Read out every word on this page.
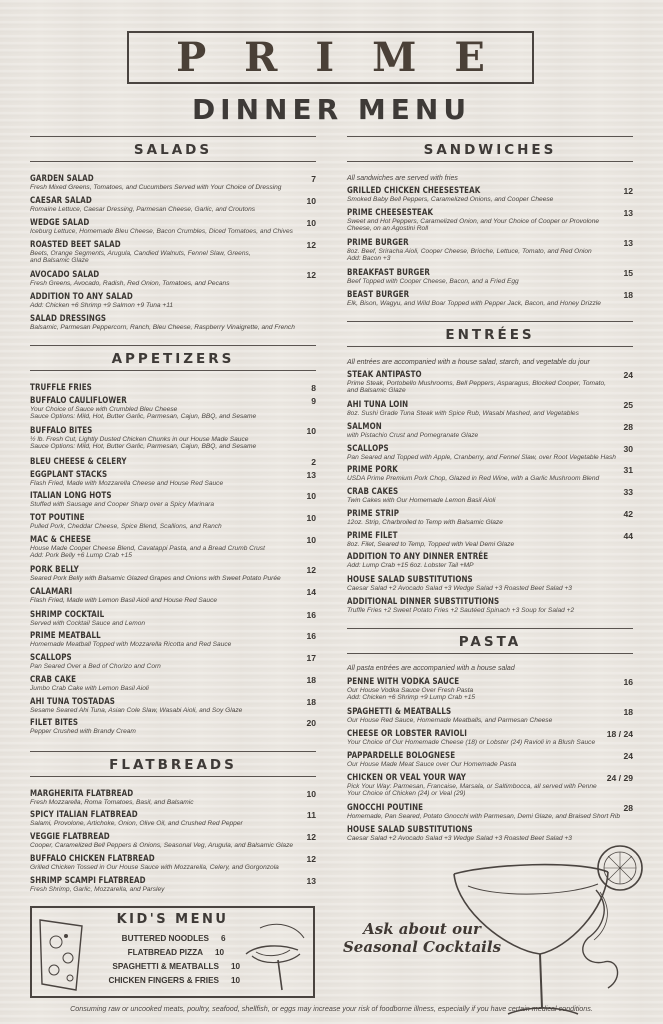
PRIME
DINNER MENU
SALADS
GARDEN SALAD	7
Fresh Mixed Greens, Tomatoes, and Cucumbers Served with Your Choice of Dressing
CAESAR SALAD	10
Romaine Lettuce, Caesar Dressing, Parmesan Cheese, Garlic, and Croutons
WEDGE SALAD	10
Iceburg Lettuce, Homemade Bleu Cheese, Bacon Crumbles, Diced Tomatoes, and Chives
ROASTED BEET SALAD	12
Beets, Orange Segments, Arugula, Candied Walnuts, Fennel Slaw, Greens,
and Balsamic Glaze
AVOCADO SALAD	12
Fresh Greens, Avocado, Radish, Red Onion, Tomatoes, and Pecans
ADDITION TO ANY SALAD
Add: Chicken +6 Shrimp +9 Salmon +9 Tuna +11
SALAD DRESSINGS
Balsamic, Parmesan Peppercorn, Ranch, Bleu Cheese, Raspberry Vinaigrette, and French
APPETIZERS
TRUFFLE FRIES	8
BUFFALO CAULIFLOWER	9
Your Choice of Sauce with Crumbled Bleu Cheese
Sauce Options: Mild, Hot, Butter Garlic, Parmesan, Cajun, BBQ, and Sesame
BUFFALO BITES	10
½ lb. Fresh Cut, Lightly Dusted Chicken Chunks in our House Made Sauce
Sauce Options: Mild, Hot, Butter Garlic, Parmesan, Cajun, BBQ, and Sesame
BLEU CHEESE & CELERY	2
EGGPLANT STACKS	13
Flash Fried, Made with Mozzarella Cheese and House Red Sauce
ITALIAN LONG HOTS	10
Stuffed with Sausage and Cooper Sharp over a Spicy Marinara
TOT POUTINE	10
Pulled Pork, Cheddar Cheese, Spice Blend, Scallions, and Ranch
MAC & CHEESE	10
House Made Cooper Cheese Blend, Cavatappi Pasta, and a Bread Crumb Crust
Add: Pork Belly +6 Lump Crab +15
PORK BELLY	12
Seared Pork Belly with Balsamic Glazed Grapes and Onions with Sweet Potato Purée
CALAMARI	14
Flash Fried, Made with Lemon Basil Aioli and House Red Sauce
SHRIMP COCKTAIL	16
Served with Cocktail Sauce and Lemon
PRIME MEATBALL	16
Homemade Meatball Topped with Mozzarella Ricotta and Red Sauce
SCALLOPS	17
Pan Seared Over a Bed of Chorizo and Corn
CRAB CAKE	18
Jumbo Crab Cake with Lemon Basil Aioli
AHI TUNA TOSTADAS	18
Sesame Seared Ahi Tuna, Asian Cole Slaw, Wasabi Aioli, and Soy Glaze
FILET BITES	20
Pepper Crushed with Brandy Cream
FLATBREADS
MARGHERITA FLATBREAD	10
Fresh Mozzarella, Roma Tomatoes, Basil, and Balsamic
SPICY ITALIAN FLATBREAD	11
Salami, Provolone, Artichoke, Onion, Olive Oil, and Crushed Red Pepper
VEGGIE FLATBREAD	12
Cooper, Caramelized Bell Peppers & Onions, Seasonal Veg, Arugula, and Balsamic Glaze
BUFFALO CHICKEN FLATBREAD	12
Grilled Chicken Tossed in Our House Sauce with Mozzarella, Celery, and Gorgonzola
SHRIMP SCAMPI FLATBREAD	13
Fresh Shrimp, Garlic, Mozzarella, and Parsley
KID'S MENU
BUTTERED NOODLES 6
FLATBREAD PIZZA 10
SPAGHETTI & MEATBALLS 10
CHICKEN FINGERS & FRIES 10
SANDWICHES
All sandwiches are served with fries
GRILLED CHICKEN CHEESESTEAK	12
Smoked Baby Bell Peppers, Caramelized Onions, and Cooper Cheese
PRIME CHEESESTEAK	13
Sweet and Hot Peppers, Caramelized Onion, and Your Choice of Cooper or Provolone
Cheese, on an Agostini Roll
PRIME BURGER	13
8oz. Beef, Sriracha Aioli, Cooper Cheese, Brioche, Lettuce, Tomato, and Red Onion
Add: Bacon +3
BREAKFAST BURGER	15
Beef Topped with Cooper Cheese, Bacon, and a Fried Egg
BEAST BURGER	18
Elk, Bison, Wagyu, and Wild Boar Topped with Pepper Jack, Bacon, and Honey Drizzle
ENTRÉES
All entrées are accompanied with a house salad, starch, and vegetable du jour
STEAK ANTIPASTO	24
Prime Steak, Portobello Mushrooms, Bell Peppers, Asparagus, Blocked Cooper, Tomato,
and Balsamic Glaze
AHI TUNA LOIN	25
8oz. Sushi Grade Tuna Steak with Spice Rub, Wasabi Mashed, and Vegetables
SALMON	28
with Pistachio Crust and Pomegranate Glaze
SCALLOPS	30
Pan Seared and Topped with Apple, Cranberry, and Fennel Slaw, over Root Vegetable Hash
PRIME PORK	31
USDA Prime Premium Pork Chop, Glazed in Red Wine, with a Garlic Mushroom Blend
CRAB CAKES	33
Twin Cakes with Our Homemade Lemon Basil Aioli
PRIME STRIP	42
12oz. Strip, Charbroiled to Temp with Balsamic Glaze
PRIME FILET	44
8oz. Filet, Seared to Temp, Topped with Veal Demi Glaze
ADDITION TO ANY DINNER ENTRÉE
Add: Lump Crab +15 6oz. Lobster Tail +MP
HOUSE SALAD SUBSTITUTIONS
Caesar Salad +2 Avocado Salad +3 Wedge Salad +3 Roasted Beet Salad +3
ADDITIONAL DINNER SUBSTITUTIONS
Truffle Fries +2 Sweet Potato Fries +2 Sautéed Spinach +3 Soup for Salad +2
PASTA
All pasta entrées are accompanied with a house salad
PENNE WITH VODKA SAUCE	16
Our House Vodka Sauce Over Fresh Pasta
Add: Chicken +6 Shrimp +9 Lump Crab +15
SPAGHETTI & MEATBALLS	18
Our House Red Sauce, Homemade Meatballs, and Parmesan Cheese
CHEESE OR LOBSTER RAVIOLI	18 / 24
Your Choice of Our Homemade Cheese (18) or Lobster (24) Ravioli in a Blush Sauce
PAPPARDELLE BOLOGNESE	24
Our House Made Meat Sauce over Our Homemade Pasta
CHICKEN OR VEAL YOUR WAY	24 / 29
Pick Your Way: Parmesan, Francaise, Marsala, or Saltimbocca, all served with Penne
Your Choice of Chicken (24) or Veal (29)
GNOCCHI POUTINE	28
Homemade, Pan Seared, Potato Gnocchi with Parmesan, Demi Glaze, and Braised Short Rib
HOUSE SALAD SUBSTITUTIONS
Caesar Salad +2 Avocado Salad +3 Wedge Salad +3 Roasted Beet Salad +3
Ask about our
Seasonal Cocktails
Consuming raw or uncooked meats, poultry, seafood, shellfish, or eggs may increase your risk of foodborne illness, especially if you have certain medical conditions.
